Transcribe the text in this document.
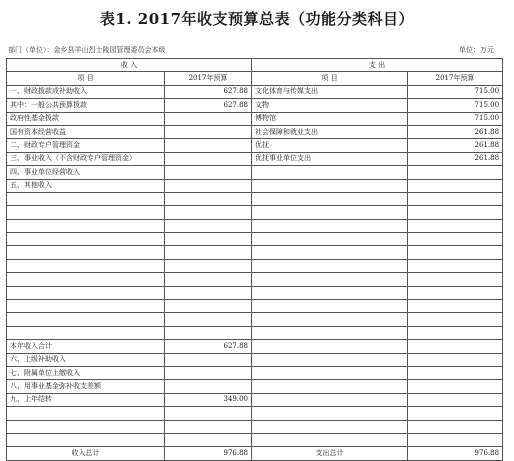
表1. 2017年收支预算总表（功能分类科目）
部门（单位）：金乡县羊山烈士陵园管理委员会本级	单位：万元
收 入		支 出	
项 目	2017年预算	项 目	2017年预算
一、财政拨款或补助收入	627.88	文化体育与传媒支出	715.00
其中：一般公共预算拨款	627.88	文物	715.00
政府性基金拨款		博物馆	715.00
国有资本经营收益		社会保障和就业支出	261.88
二、财政专户管理资金		优抚	261.88
三、事业收入（不含财政专户管理资金）		优抚事业单位支出	261.88
四、事业单位经营收入			
五、其他收入			

本年收入合计	627.88		
六、上级补助收入			
七、附属单位上缴收入			
八、用事业基金弥补收支差额			
九、上年结转	349.00		

收入总计	976.88	支出总计	976.88
